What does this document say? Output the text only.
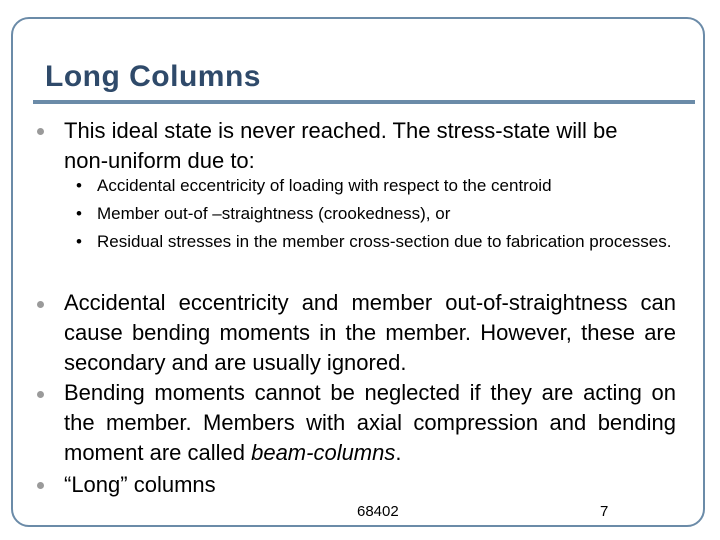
Long Columns
This ideal state is never reached. The stress-state will be
non-uniform due to:
• Accidental eccentricity of loading with respect to the centroid
• Member out-of –straightness (crookedness), or
• Residual stresses in the member cross-section due to fabrication processes.
Accidental eccentricity and member out-of-straightness can cause bending moments in the member. However, these are secondary and are usually ignored.
Bending moments cannot be neglected if they are acting on the member. Members with axial compression and bending moment are called beam-columns.
“Long” columns
68402	7
